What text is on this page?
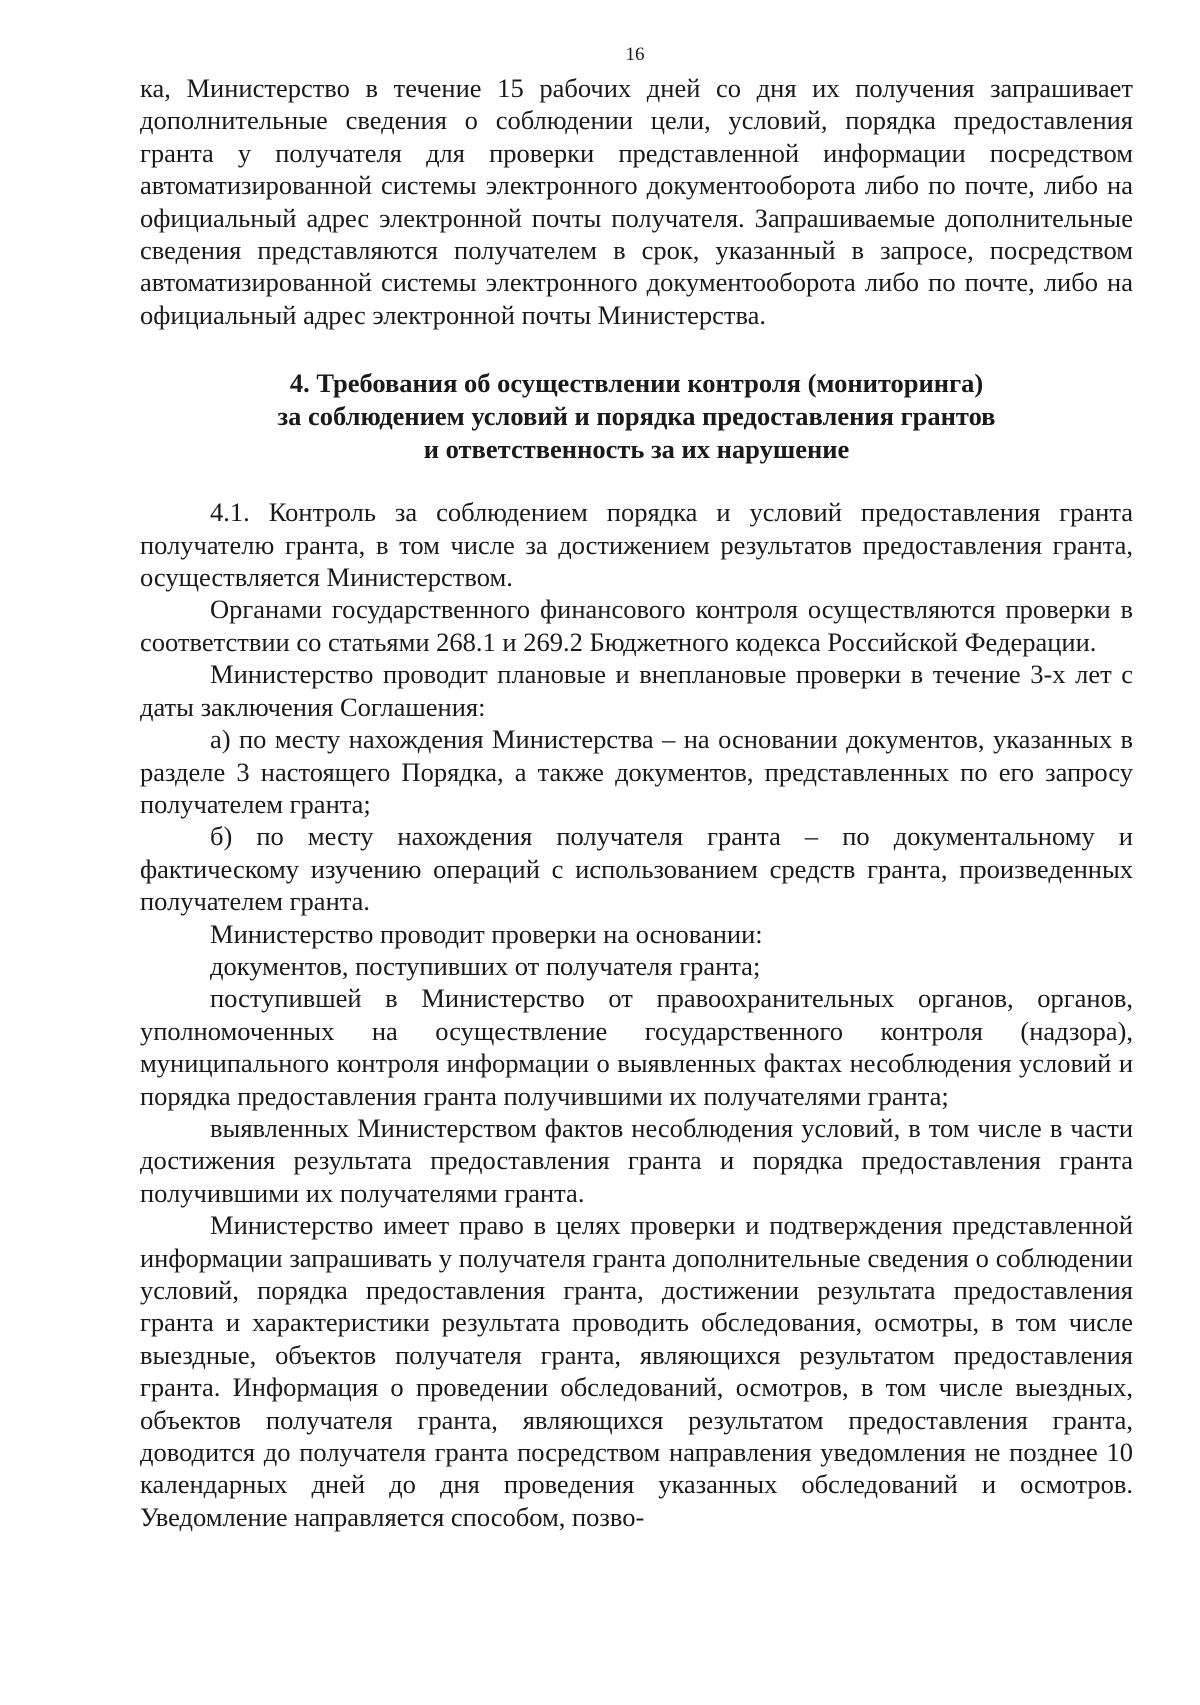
16

ка, Министерство в течение 15 рабочих дней со дня их получения запрашивает дополнительные сведения о соблюдении цели, условий, порядка предоставления гранта у получателя для проверки представленной информации посредством автоматизированной системы электронного документооборота либо по почте, либо на официальный адрес электронной почты получателя. Запрашиваемые дополнительные сведения представляются получателем в срок, указанный в запросе, посредством автоматизированной системы электронного документооборота либо по почте, либо на официальный адрес электронной почты Министерства.

4. Требования об осуществлении контроля (мониторинга)
за соблюдением условий и порядка предоставления грантов
и ответственность за их нарушение

4.1. Контроль за соблюдением порядка и условий предоставления гранта получателю гранта, в том числе за достижением результатов предоставления гранта, осуществляется Министерством.

Органами государственного финансового контроля осуществляются проверки в соответствии со статьями 268.1 и 269.2 Бюджетного кодекса Российской Федерации.

Министерство проводит плановые и внеплановые проверки в течение 3-х лет с даты заключения Соглашения:

а) по месту нахождения Министерства – на основании документов, указанных в разделе 3 настоящего Порядка, а также документов, представленных по его запросу получателем гранта;

б) по месту нахождения получателя гранта – по документальному и фактическому изучению операций с использованием средств гранта, произведенных получателем гранта.

Министерство проводит проверки на основании:

документов, поступивших от получателя гранта;

поступившей в Министерство от правоохранительных органов, органов, уполномоченных на осуществление государственного контроля (надзора), муниципального контроля информации о выявленных фактах несоблюдения условий и порядка предоставления гранта получившими их получателями гранта;

выявленных Министерством фактов несоблюдения условий, в том числе в части достижения результата предоставления гранта и порядка предоставления гранта получившими их получателями гранта.

Министерство имеет право в целях проверки и подтверждения представленной информации запрашивать у получателя гранта дополнительные сведения о соблюдении условий, порядка предоставления гранта, достижении результата предоставления гранта и характеристики результата проводить обследования, осмотры, в том числе выездные, объектов получателя гранта, являющихся результатом предоставления гранта. Информация о проведении обследований, осмотров, в том числе выездных, объектов получателя гранта, являющихся результатом предоставления гранта, доводится до получателя гранта посредством направления уведомления не позднее 10 календарных дней до дня проведения указанных обследований и осмотров. Уведомление направляется способом, позво-
